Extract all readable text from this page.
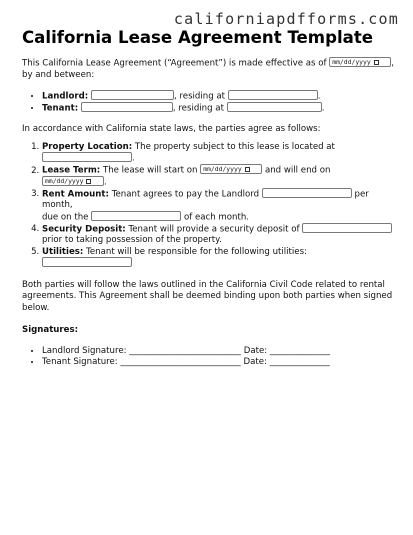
californiapdfforms.com
California Lease Agreement Template

This California Lease Agreement (“Agreement”) is made effective as of mm/dd/yyyy , by and between:

• Landlord:	, residing at	.
• Tenant:	, residing at	.

In accordance with California state laws, the parties agree as follows:

1. Property Location: The property subject to this lease is located at
.
2. Lease Term: The lease will start on mm/dd/yyyy	and will end on mm/dd/yyyy .
3. Rent Amount: Tenant agrees to pay the Landlord	per month,
due on the	of each month.
4. Security Deposit: Tenant will provide a security deposit of
prior to taking possession of the property.
5. Utilities: Tenant will be responsible for the following utilities:

Both parties will follow the laws outlined in the California Civil Code related to rental agreements. This Agreement shall be deemed binding upon both parties when signed below.

Signatures:

• Landlord Signature: __________________________ Date: ______________
• Tenant Signature: ____________________________ Date: ______________
